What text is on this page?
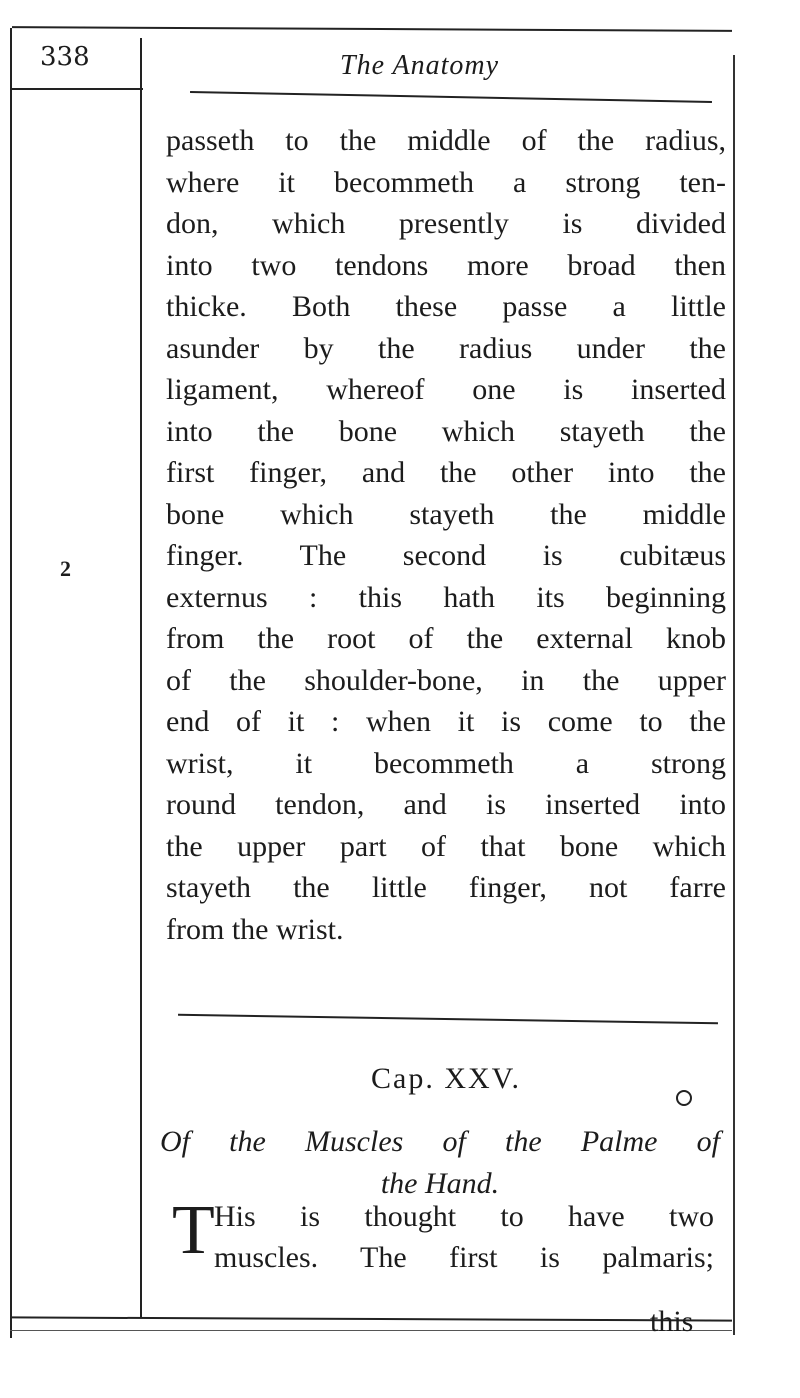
338	The Anatomy
2
passeth to the middle of the radius,
where it becommeth a strong ten-
don, which presently is divided
into two tendons more broad then
thicke. Both these passe a little
asunder by the radius under the
ligament, whereof one is inserted
into the bone which stayeth the
first finger, and the other into the
bone which stayeth the middle
finger. The second is cubitæus
externus : this hath its beginning
from the root of the external knob
of the shoulder-bone, in the upper
end of it : when it is come to the
wrist, it becommeth a strong
round tendon, and is inserted into
the upper part of that bone which
stayeth the little finger, not farre
from the wrist.
Cap. XXV.
Of the Muscles of the Palme of
the Hand.
T His is thought to have two
muscles. The first is palmaris;
this
